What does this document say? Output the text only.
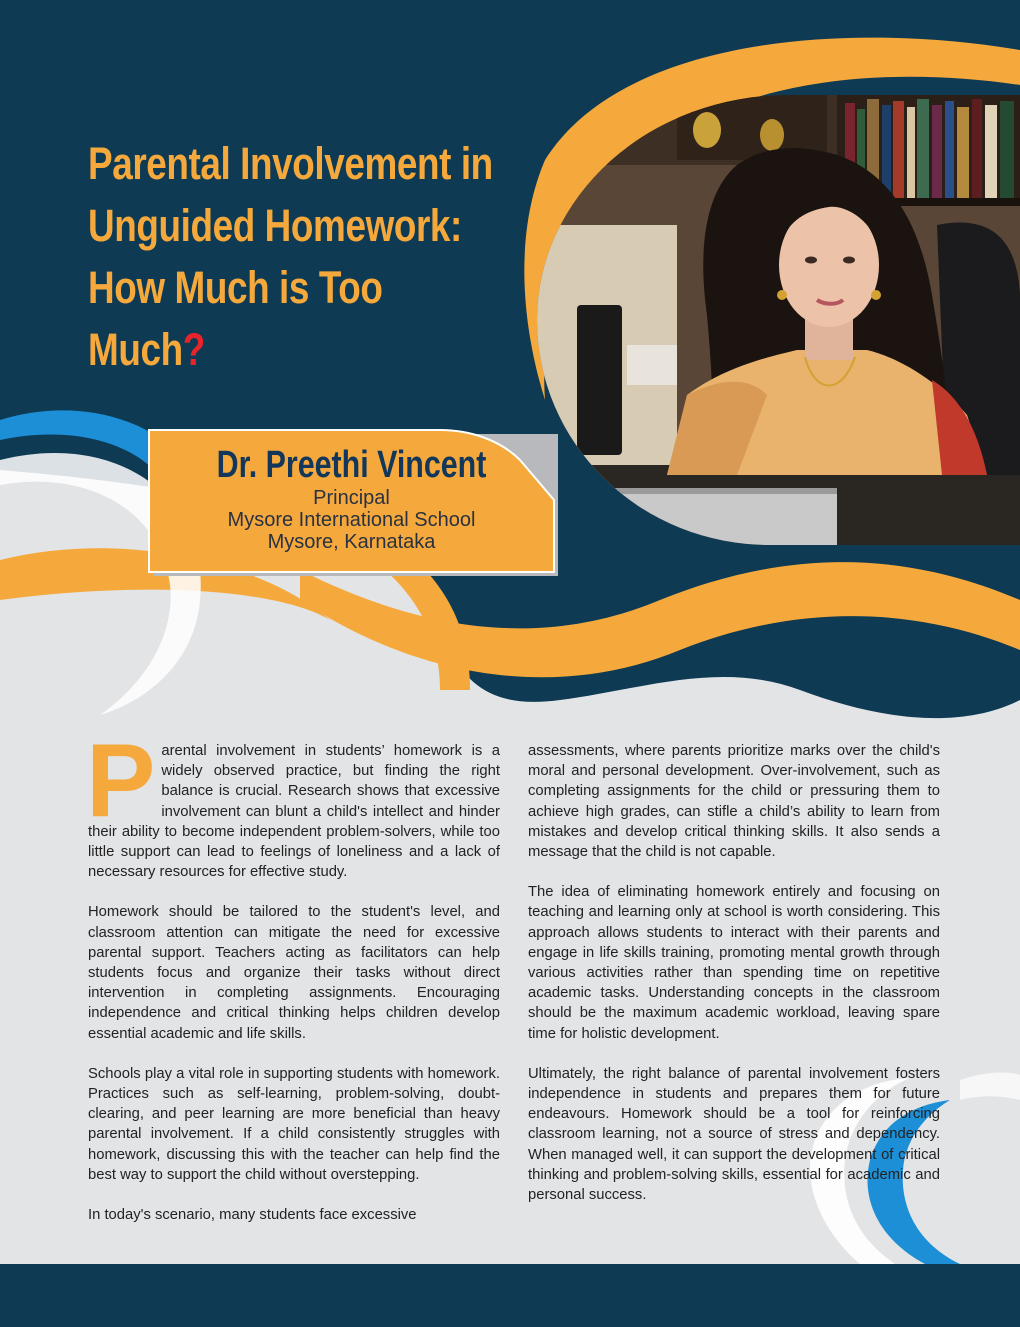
Parental Involvement in
Unguided Homework:
How Much is Too
Much?
Dr. Preethi Vincent
Principal
Mysore International School
Mysore, Karnataka

Parental involvement in students’ homework is a widely observed practice, but finding the right balance is crucial. Research shows that excessive involvement can blunt a child's intellect and hinder their ability to become independent problem-solvers, while too little support can lead to feelings of loneliness and a lack of necessary resources for effective study.

Homework should be tailored to the student's level, and classroom attention can mitigate the need for excessive parental support. Teachers acting as facilitators can help students focus and organize their tasks without direct intervention in completing assignments. Encouraging independence and critical thinking helps children develop essential academic and life skills.

Schools play a vital role in supporting students with homework. Practices such as self-learning, problem-solving, doubt-clearing, and peer learning are more beneficial than heavy parental involvement. If a child consistently struggles with homework, discussing this with the teacher can help find the best way to support the child without overstepping.

In today's scenario, many students face excessive

assessments, where parents prioritize marks over the child's moral and personal development. Over-involvement, such as completing assignments for the child or pressuring them to achieve high grades, can stifle a child’s ability to learn from mistakes and develop critical thinking skills. It also sends a message that the child is not capable.

The idea of eliminating homework entirely and focusing on teaching and learning only at school is worth considering. This approach allows students to interact with their parents and engage in life skills training, promoting mental growth through various activities rather than spending time on repetitive academic tasks. Understanding concepts in the classroom should be the maximum academic workload, leaving spare time for holistic development.

Ultimately, the right balance of parental involvement fosters independence in students and prepares them for future endeavours. Homework should be a tool for reinforcing classroom learning, not a source of stress and dependency. When managed well, it can support the development of critical thinking and problem-solving skills, essential for academic and personal success.
